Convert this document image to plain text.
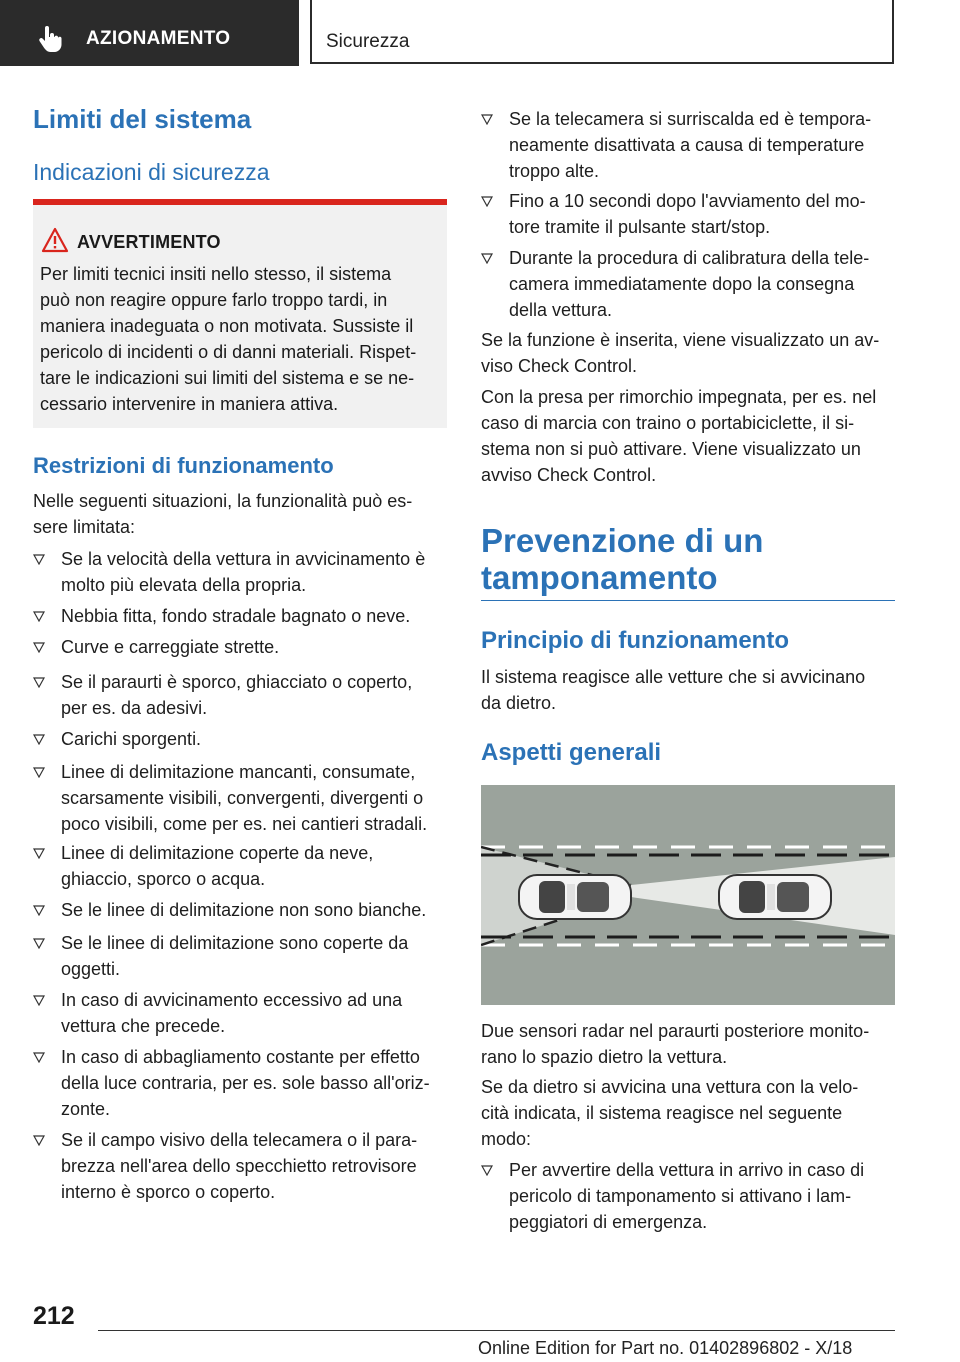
AZIONAMENTO	Sicurezza
Limiti del sistema
Indicazioni di sicurezza
AVVERTIMENTO
Per limiti tecnici insiti nello stesso, il sistema
può non reagire oppure farlo troppo tardi, in
maniera inadeguata o non motivata. Sussiste il
pericolo di incidenti o di danni materiali. Rispet-
tare le indicazioni sui limiti del sistema e se ne-
cessario intervenire in maniera attiva.
Restrizioni di funzionamento
Nelle seguenti situazioni, la funzionalità può es-
sere limitata:
Se la velocità della vettura in avvicinamento è
molto più elevata della propria.
Nebbia fitta, fondo stradale bagnato o neve.
Curve e carreggiate strette.
Se il paraurti è sporco, ghiacciato o coperto,
per es. da adesivi.
Carichi sporgenti.
Linee di delimitazione mancanti, consumate,
scarsamente visibili, convergenti, divergenti o
poco visibili, come per es. nei cantieri stradali.
Linee di delimitazione coperte da neve,
ghiaccio, sporco o acqua.
Se le linee di delimitazione non sono bianche.
Se le linee di delimitazione sono coperte da
oggetti.
In caso di avvicinamento eccessivo ad una
vettura che precede.
In caso di abbagliamento costante per effetto
della luce contraria, per es. sole basso all'oriz-
zonte.
Se il campo visivo della telecamera o il para-
brezza nell'area dello specchietto retrovisore
interno è sporco o coperto.
Se la telecamera si surriscalda ed è tempora-
neamente disattivata a causa di temperature
troppo alte.
Fino a 10 secondi dopo l'avviamento del mo-
tore tramite il pulsante start/stop.
Durante la procedura di calibratura della tele-
camera immediatamente dopo la consegna
della vettura.
Se la funzione è inserita, viene visualizzato un av-
viso Check Control.
Con la presa per rimorchio impegnata, per es. nel
caso di marcia con traino o portabiciclette, il si-
stema non si può attivare. Viene visualizzato un
avviso Check Control.
Prevenzione di un
tamponamento
Principio di funzionamento
Il sistema reagisce alle vetture che si avvicinano
da dietro.
Aspetti generali
Due sensori radar nel paraurti posteriore monito-
rano lo spazio dietro la vettura.
Se da dietro si avvicina una vettura con la velo-
cità indicata, il sistema reagisce nel seguente
modo:
Per avvertire della vettura in arrivo in caso di
pericolo di tamponamento si attivano i lam-
peggiatori di emergenza.
212
Online Edition for Part no. 01402896802 - X/18
